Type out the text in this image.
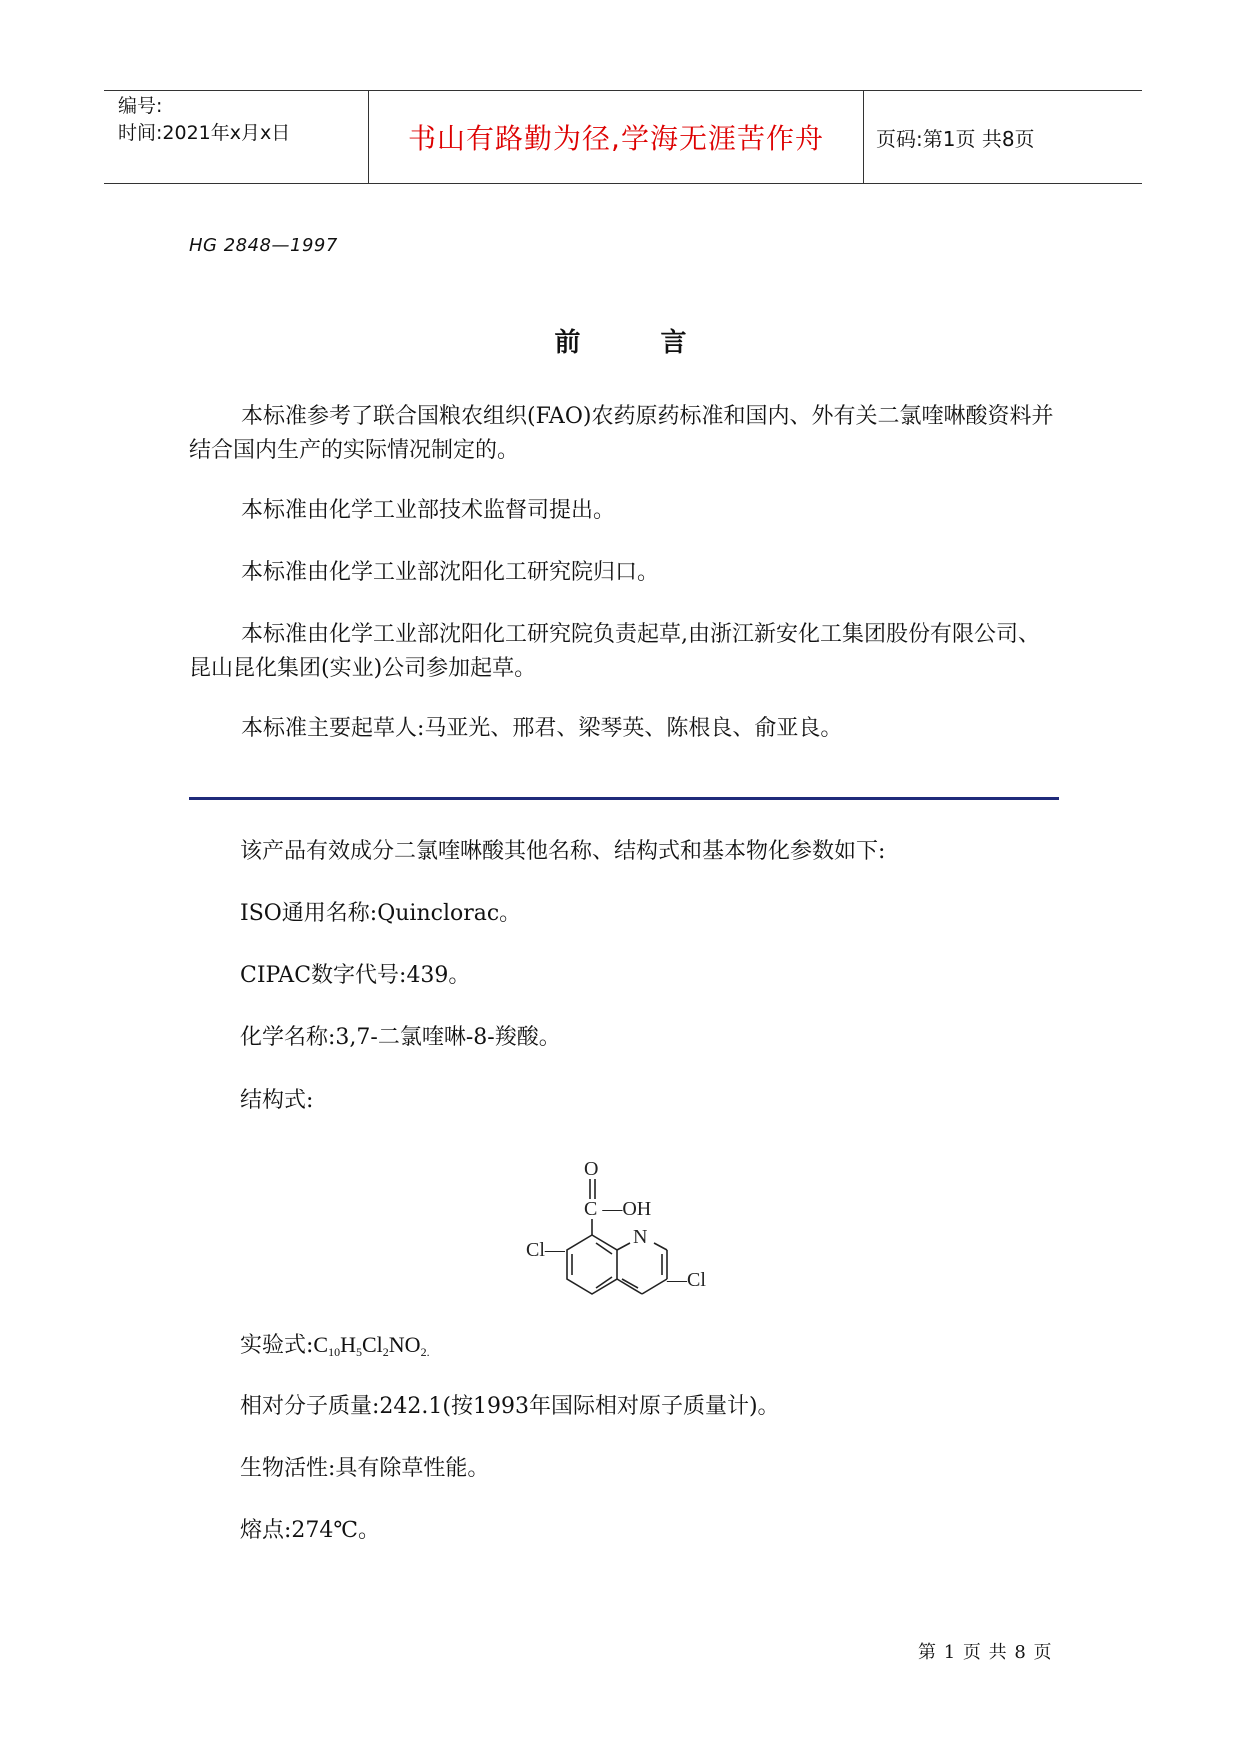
编号:
时间:2021年x月x日	书山有路勤为径,学海无涯苦作舟	页码:第1页 共8页
HG 2848—1997
前言
本标准参考了联合国粮农组织(FAO)农药原药标准和国内、外有关二氯喹啉酸资料并结合国内生产的实际情况制定的。
本标准由化学工业部技术监督司提出。
本标准由化学工业部沈阳化工研究院归口。
本标准由化学工业部沈阳化工研究院负责起草,由浙江新安化工集团股份有限公司、昆山昆化集团(实业)公司参加起草。
本标准主要起草人:马亚光、邢君、梁琴英、陈根良、俞亚良。
该产品有效成分二氯喹啉酸其他名称、结构式和基本物化参数如下:
ISO通用名称:Quinclorac。
CIPAC数字代号:439。
化学名称:3,7-二氯喹啉-8-羧酸。
结构式:
O
C —OH
N
Cl—
—Cl
实验式$:C_{10}H_5Cl_2NO_{2.}$
相对分子质量:242.1(按1993年国际相对原子质量计)。
生物活性:具有除草性能。
熔点:274℃。
第 1 页 共 8 页
